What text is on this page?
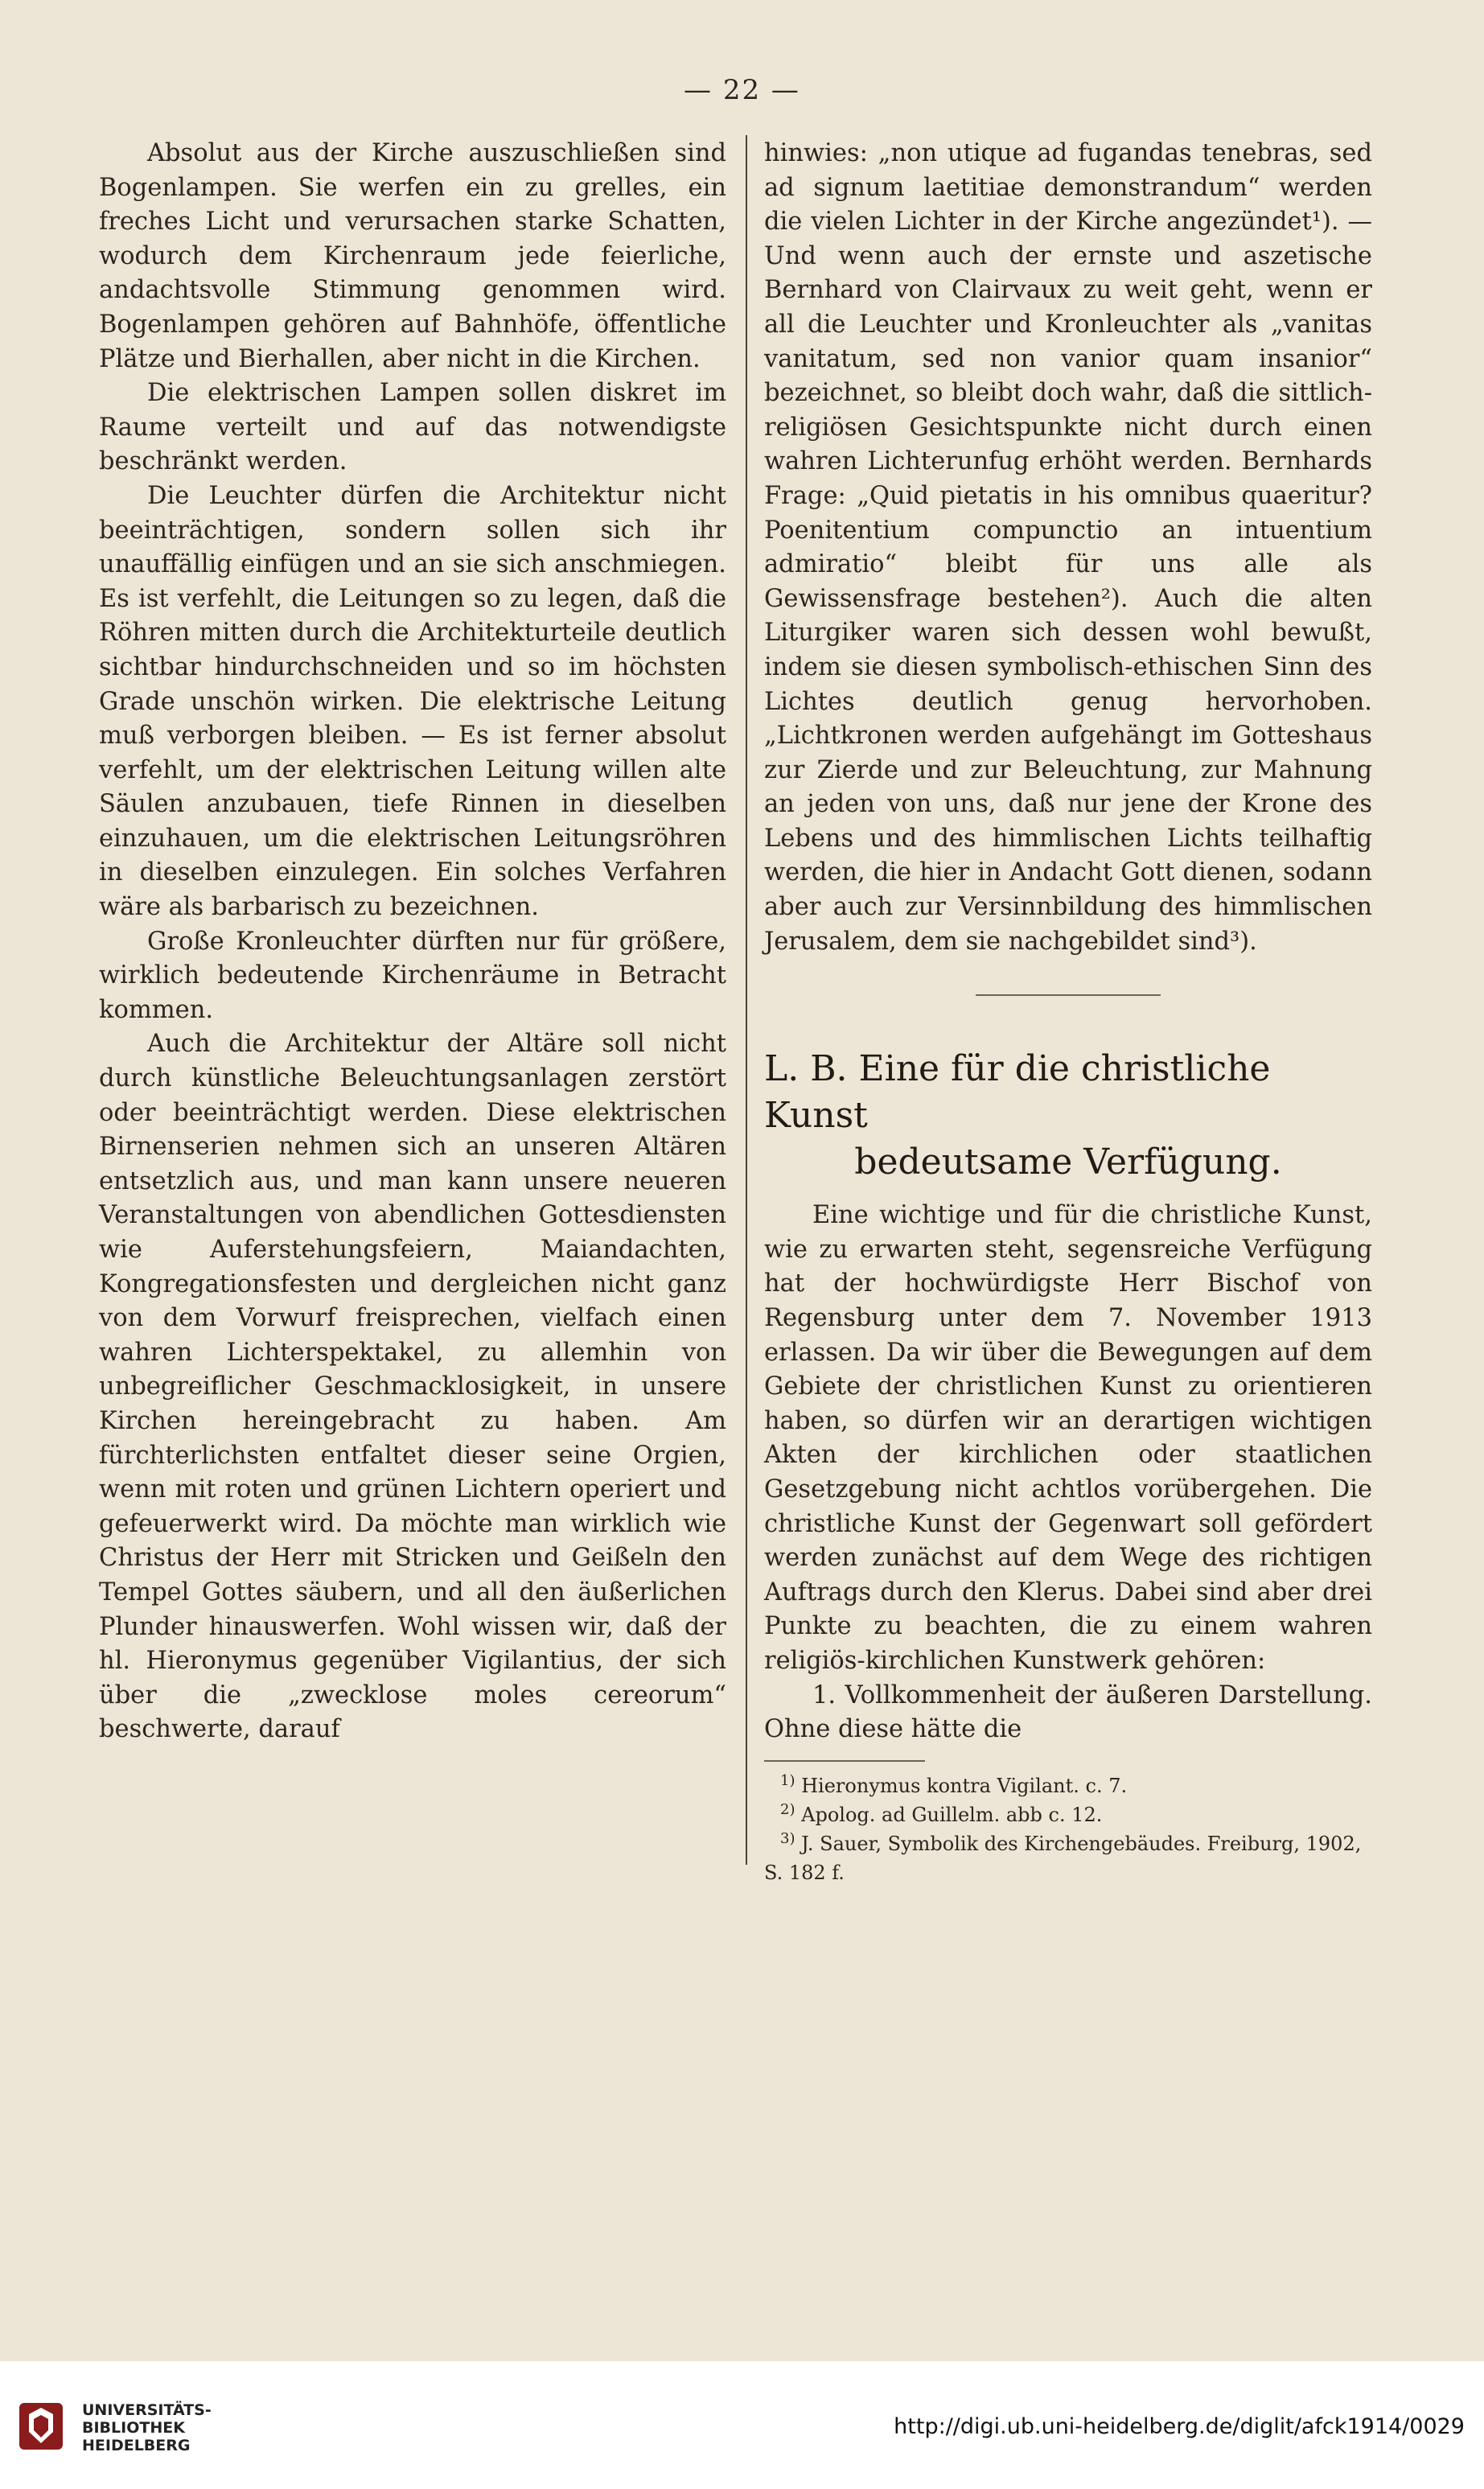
— 22 —

Absolut aus der Kirche auszuschließen sind Bogenlampen. Sie werfen ein zu grelles, ein freches Licht und verursachen starke Schatten, wodurch dem Kirchenraum jede feierliche, andachtsvolle Stimmung genommen wird. Bogenlampen gehören auf Bahnhöfe, öffentliche Plätze und Bierhallen, aber nicht in die Kirchen.

Die elektrischen Lampen sollen diskret im Raume verteilt und auf das notwendigste beschränkt werden.

Die Leuchter dürfen die Architektur nicht beeinträchtigen, sondern sollen sich ihr unauffällig einfügen und an sie sich anschmiegen. Es ist verfehlt, die Leitungen so zu legen, daß die Röhren mitten durch die Architekturteile deutlich sichtbar hindurchschneiden und so im höchsten Grade unschön wirken. Die elektrische Leitung muß verborgen bleiben. — Es ist ferner absolut verfehlt, um der elektrischen Leitung willen alte Säulen anzubauen, tiefe Rinnen in dieselben einzuhauen, um die elektrischen Leitungsröhren in dieselben einzulegen. Ein solches Verfahren wäre als barbarisch zu bezeichnen.

Große Kronleuchter dürften nur für größere, wirklich bedeutende Kirchenräume in Betracht kommen.

Auch die Architektur der Altäre soll nicht durch künstliche Beleuchtungsanlagen zerstört oder beeinträchtigt werden. Diese elektrischen Birnenserien nehmen sich an unseren Altären entsetzlich aus, und man kann unsere neueren Veranstaltungen von abendlichen Gottesdiensten wie Auferstehungsfeiern, Maiandachten, Kongregationsfesten und dergleichen nicht ganz von dem Vorwurf freisprechen, vielfach einen wahren Lichterspektakel, zu allemhin von unbegreiflicher Geschmacklosigkeit, in unsere Kirchen hereingebracht zu haben. Am fürchterlichsten entfaltet dieser seine Orgien, wenn mit roten und grünen Lichtern operiert und gefeuerwerkt wird. Da möchte man wirklich wie Christus der Herr mit Stricken und Geißeln den Tempel Gottes säubern, und all den äußerlichen Plunder hinauswerfen. Wohl wissen wir, daß der hl. Hieronymus gegenüber Vigilantius, der sich über die „zwecklose moles cereorum“ beschwerte, darauf

hinwies: „non utique ad fugandas tenebras, sed ad signum laetitiae demonstrandum“ werden die vielen Lichter in der Kirche angezündet¹). — Und wenn auch der ernste und aszetische Bernhard von Clairvaux zu weit geht, wenn er all die Leuchter und Kronleuchter als „vanitas vanitatum, sed non vanior quam insanior“ bezeichnet, so bleibt doch wahr, daß die sittlich-religiösen Gesichtspunkte nicht durch einen wahren Lichterunfug erhöht werden. Bernhards Frage: „Quid pietatis in his omnibus quaeritur? Poenitentium compunctio an intuentium admiratio“ bleibt für uns alle als Gewissensfrage bestehen²). Auch die alten Liturgiker waren sich dessen wohl bewußt, indem sie diesen symbolisch-ethischen Sinn des Lichtes deutlich genug hervorhoben. „Lichtkronen werden aufgehängt im Gotteshaus zur Zierde und zur Beleuchtung, zur Mahnung an jeden von uns, daß nur jene der Krone des Lebens und des himmlischen Lichts teilhaftig werden, die hier in Andacht Gott dienen, sodann aber auch zur Versinnbildung des himmlischen Jerusalem, dem sie nachgebildet sind³).

L. B. Eine für die christliche Kunst

bedeutsame Verfügung.

Eine wichtige und für die christliche Kunst, wie zu erwarten steht, segensreiche Verfügung hat der hochwürdigste Herr Bischof von Regensburg unter dem 7. November 1913 erlassen. Da wir über die Bewegungen auf dem Gebiete der christlichen Kunst zu orientieren haben, so dürfen wir an derartigen wichtigen Akten der kirchlichen oder staatlichen Gesetzgebung nicht achtlos vorübergehen. Die christliche Kunst der Gegenwart soll gefördert werden zunächst auf dem Wege des richtigen Auftrags durch den Klerus. Dabei sind aber drei Punkte zu beachten, die zu einem wahren religiös-kirchlichen Kunstwerk gehören:

1. Vollkommenheit der äußeren Darstellung. Ohne diese hätte die

$^{1)}$ Hieronymus kontra Vigilant. c. 7.

$^{2)}$ Apolog. ad Guillelm. abb c. 12.

$^{3)}$ J. Sauer, Symbolik des Kirchengebäudes. Freiburg, 1902, S. 182 f.

UNIVERSITÄTS-
BIBLIOTHEK
HEIDELBERG
http://digi.ub.uni-heidelberg.de/diglit/afck1914/0029
